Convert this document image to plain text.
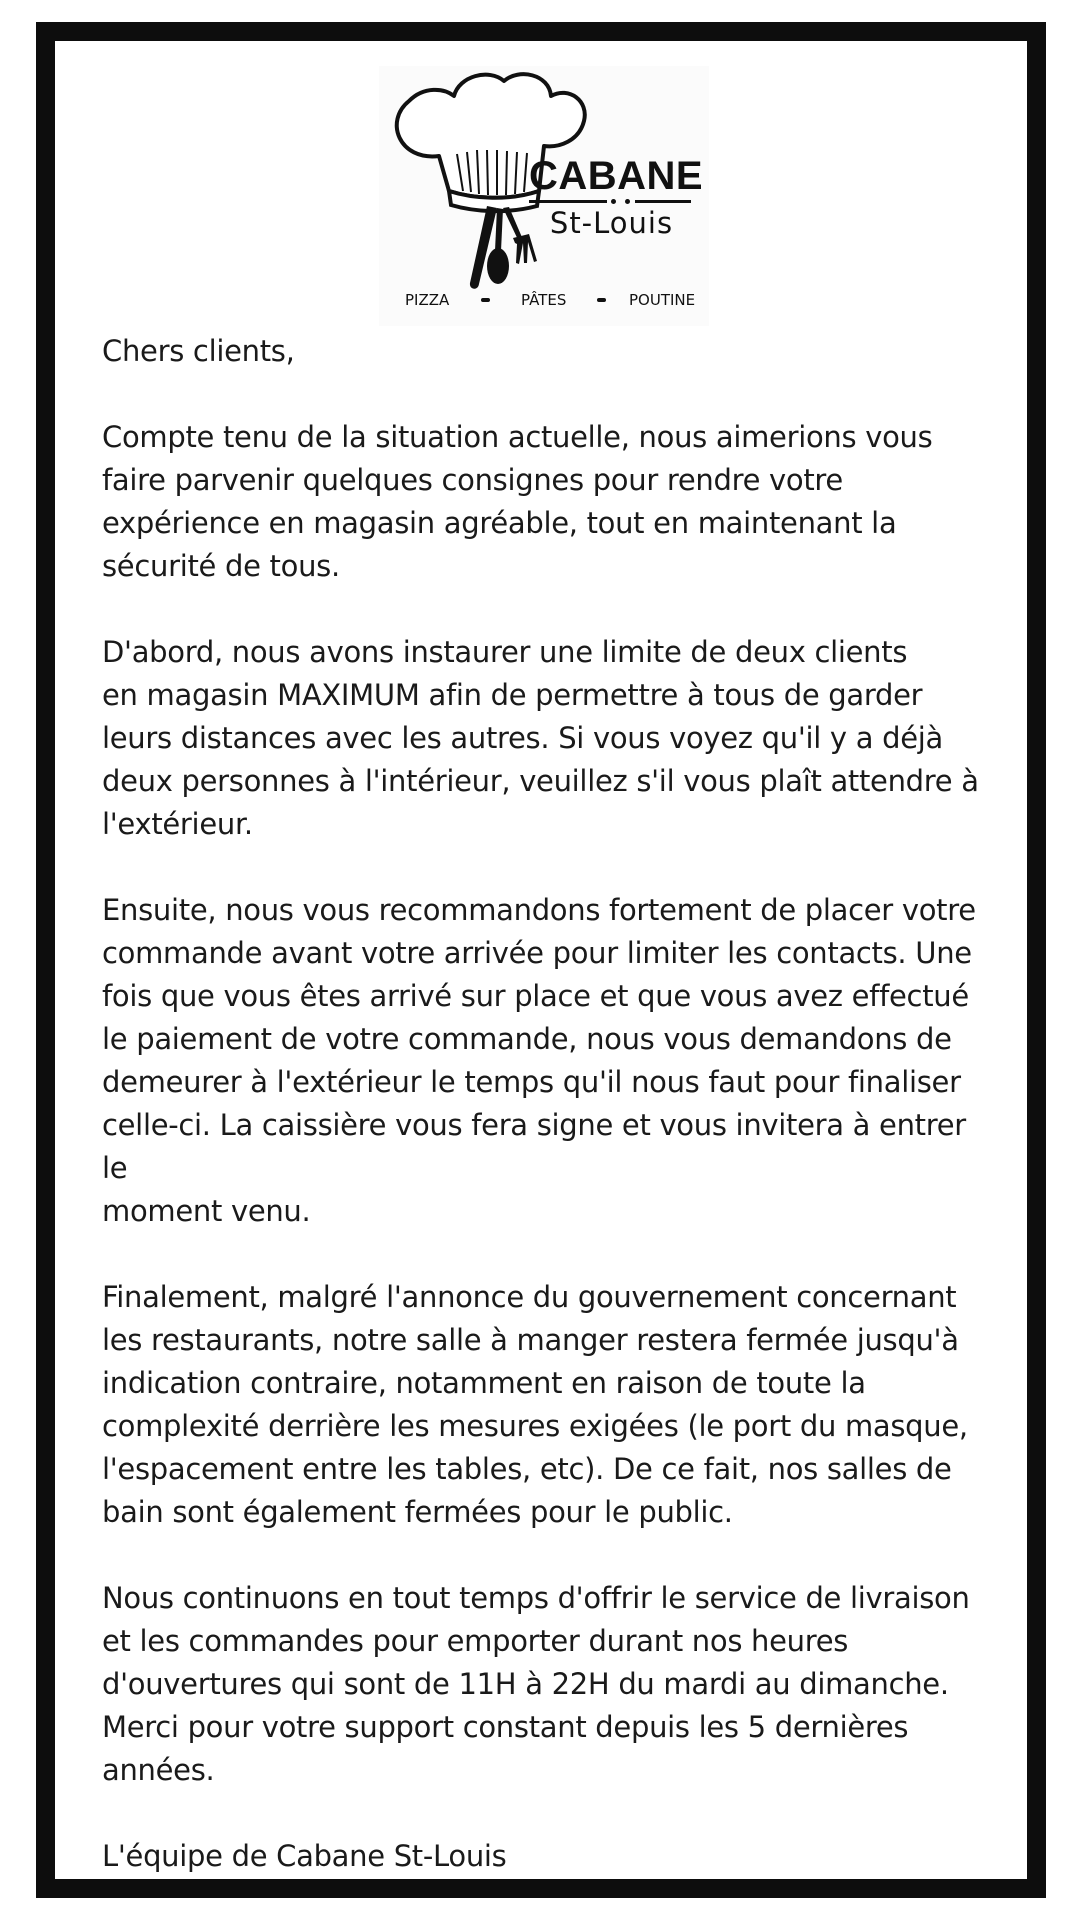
CABANE
St-Louis
PIZZA	PÂTES	POUTINE

Chers clients,

Compte tenu de la situation actuelle, nous aimerions vous
faire parvenir quelques consignes pour rendre votre
expérience en magasin agréable, tout en maintenant la
sécurité de tous.

D'abord, nous avons instaurer une limite de deux clients
en magasin MAXIMUM afin de permettre à tous de garder
leurs distances avec les autres. Si vous voyez qu'il y a déjà
deux personnes à l'intérieur, veuillez s'il vous plaît attendre à
l'extérieur.

Ensuite, nous vous recommandons fortement de placer votre
commande avant votre arrivée pour limiter les contacts. Une
fois que vous êtes arrivé sur place et que vous avez effectué
le paiement de votre commande, nous vous demandons de
demeurer à l'extérieur le temps qu'il nous faut pour finaliser
celle-ci. La caissière vous fera signe et vous invitera à entrer le
moment venu.

Finalement, malgré l'annonce du gouvernement concernant
les restaurants, notre salle à manger restera fermée jusqu'à
indication contraire, notamment en raison de toute la
complexité derrière les mesures exigées (le port du masque,
l'espacement entre les tables, etc). De ce fait, nos salles de
bain sont également fermées pour le public.

Nous continuons en tout temps d'offrir le service de livraison
et les commandes pour emporter durant nos heures
d'ouvertures qui sont de 11H à 22H du mardi au dimanche.
Merci pour votre support constant depuis les 5 dernières
années.

L'équipe de Cabane St-Louis
